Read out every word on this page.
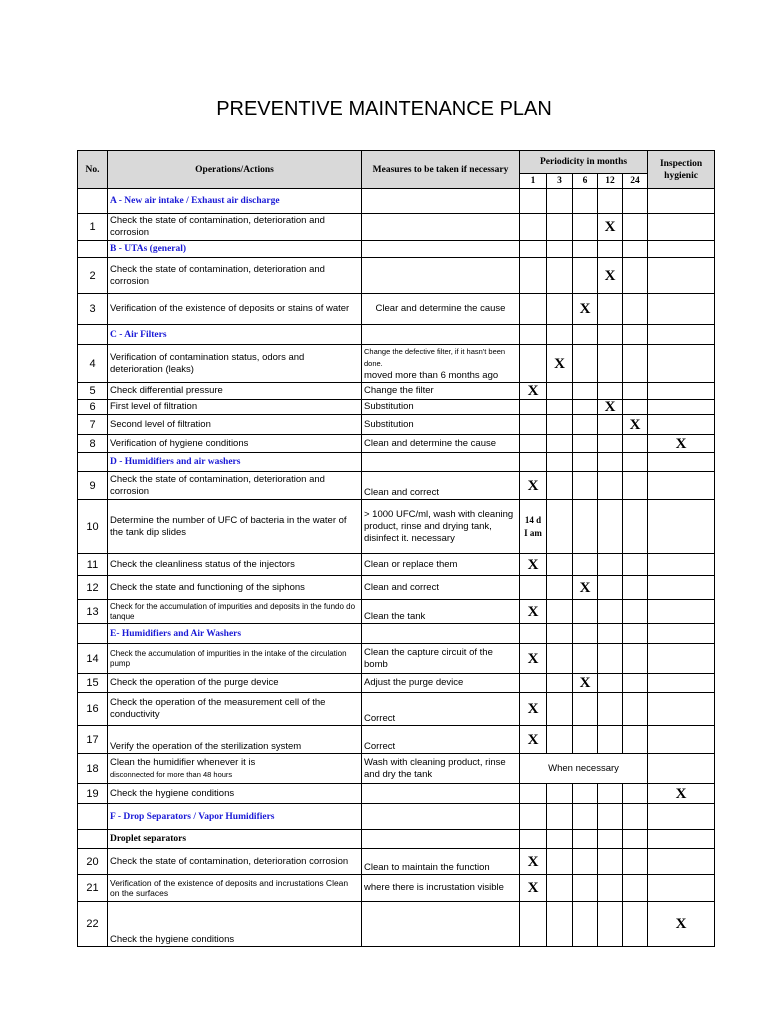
PREVENTIVE MAINTENANCE PLAN
No.	Operations/Actions	Measures to be taken if necessary	Periodicity in months					Inspection hygienic
			1	3	6	12	24	
	A - New air intake / Exhaust air discharge							
1	Check the state of contamination, deterioration and corrosion					X		
	B - UTAs (general)							
2	Check the state of contamination, deterioration and corrosion					X		
3	Verification of the existence of deposits or stains of water	Clear and determine the cause			X			
	C - Air Filters							
4	Verification of contamination status, odors and deterioration (leaks)	Change the defective filter, if it hasn't been done.
moved more than 6 months ago		X				
5	Check differential pressure	Change the filter	X					
6	First level of filtration	Substitution				X		
7	Second level of filtration	Substitution					X	
8	Verification of hygiene conditions	Clean and determine the cause						X
	D - Humidifiers and air washers							
9	Check the state of contamination, deterioration and corrosion	Clean and correct	X					
10	Determine the number of UFC of bacteria in the water of the tank dip slides	> 1000 UFC/ml, wash with cleaning product, rinse and drying tank, disinfect it. necessary	14 d
I am					

11	Check the cleanliness status of the injectors	Clean or replace them	X					
12	Check the state and functioning of the siphons	Clean and correct			X			
13	Check for the accumulation of impurities and deposits in the fundo do tanque	Clean the tank	X					
	E- Humidifiers and Air Washers							
14	Check the accumulation of impurities in the intake of the circulation pump	Clean the capture circuit of the bomb	X					
15	Check the operation of the purge device	Adjust the purge device			X			
16	Check the operation of the measurement cell of the conductivity	Correct	X					
17	Verify the operation of the sterilization system	Correct	X					
18	Clean the humidifier whenever it is
disconnected for more than 48 hours	Wash with cleaning product, rinse and dry the tank	When necessary					
19	Check the hygiene conditions							X
	F - Drop Separators / Vapor Humidifiers							
	Droplet separators							
20	Check the state of contamination, deterioration corrosion	Clean to maintain the function	X					
21	Verification of the existence of deposits and incrustations Clean on the surfaces	where there is incrustation visible	X					
22	Check the hygiene conditions							X
